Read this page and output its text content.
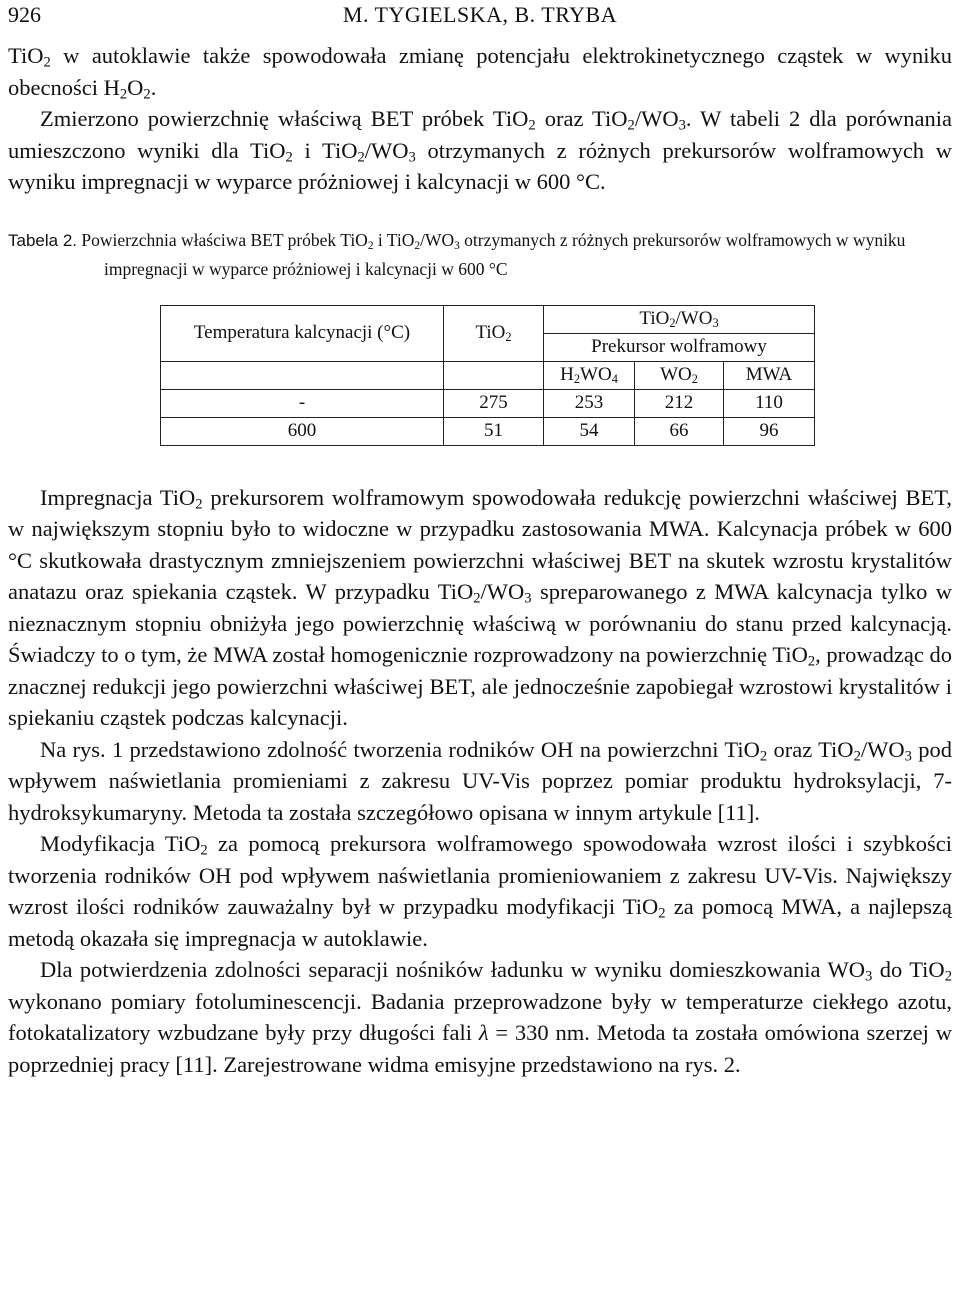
926	M. TYGIELSKA, B. TRYBA

TiO$_2$ w autoklawie także spowodowała zmianę potencjału elektrokinetycznego cząstek w wyniku obecności $H_2O_2$.

Zmierzono powierzchnię właściwą BET próbek TiO$_2$ oraz $TiO_2/WO_3$. W tabeli 2 dla porównania umieszczono wyniki dla TiO$_2$ i $TiO_2/WO_3$ otrzymanych z różnych prekursorów wolframowych w wyniku impregnacji w wyparce próżniowej i kalcynacji w 600 °C.

Tabela 2. Powierzchnia właściwa BET próbek TiO$_2$ i $TiO_2/WO_3$ otrzymanych z różnych prekursorów wolframowych w wyniku impregnacji w wyparce próżniowej i kalcynacji w 600 °C

Temperatura kalcynacji (°C)	TiO$_2$	$TiO_2/WO_3$
		Prekursor wolframowy		
		$H_2WO_4$	$WO_2$	MWA
-	275	253	212	110
600	51	54	66	96

Impregnacja TiO$_2$ prekursorem wolframowym spowodowała redukcję powierzchni właściwej BET, w największym stopniu było to widoczne w przypadku zastosowania MWA. Kalcynacja próbek w 600 °C skutkowała drastycznym zmniejszeniem powierzchni właściwej BET na skutek wzrostu krystalitów anatazu oraz spiekania cząstek. W przypadku $TiO_2/WO_3$ spreparowanego z MWA kalcynacja tylko w nieznacznym stopniu obniżyła jego powierzchnię właściwą w porównaniu do stanu przed kalcynacją. Świadczy to o tym, że MWA został homogenicznie rozprowadzony na powierzchnię TiO$_2$, prowadząc do znacznej redukcji jego powierzchni właściwej BET, ale jednocześnie zapobiegał wzrostowi krystalitów i spiekaniu cząstek podczas kalcynacji.

Na rys. 1 przedstawiono zdolność tworzenia rodników OH na powierzchni TiO$_2$ oraz $TiO_2/WO_3$ pod wpływem naświetlania promieniami z zakresu UV-Vis poprzez pomiar produktu hydroksylacji, 7-hydroksykumaryny. Metoda ta została szczegółowo opisana w innym artykule [11].

Modyfikacja TiO$_2$ za pomocą prekursora wolframowego spowodowała wzrost ilości i szybkości tworzenia rodników OH pod wpływem naświetlania promieniowaniem z zakresu UV-Vis. Największy wzrost ilości rodników zauważalny był w przypadku modyfikacji TiO$_2$ za pomocą MWA, a najlepszą metodą okazała się impregnacja w autoklawie.

Dla potwierdzenia zdolności separacji nośników ładunku w wyniku domieszkowania $WO_3$ do TiO$_2$ wykonano pomiary fotoluminescencji. Badania przeprowadzone były w temperaturze ciekłego azotu, fotokatalizatory wzbudzane były przy długości fali λ = 330 nm. Metoda ta została omówiona szerzej w poprzedniej pracy [11]. Zarejestrowane widma emisyjne przedstawiono na rys. 2.
